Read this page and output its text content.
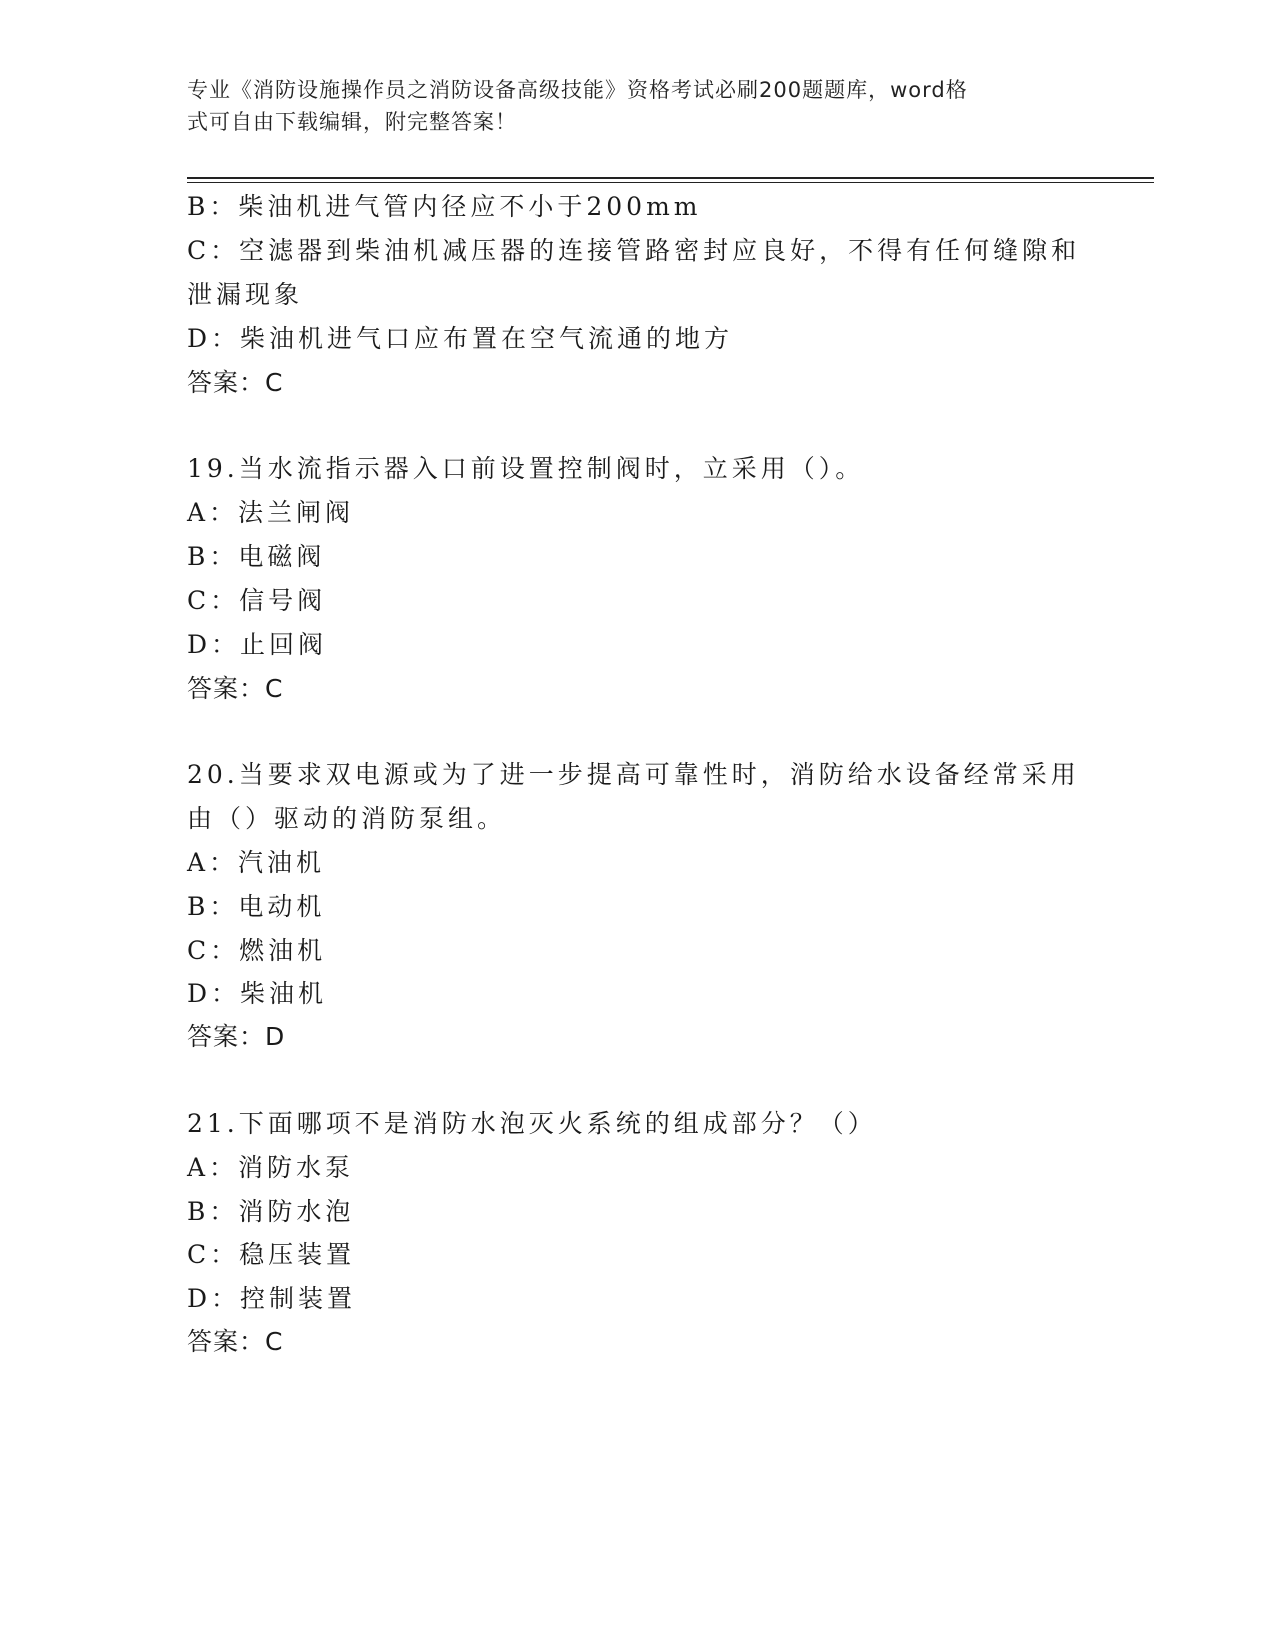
专业《消防设施操作员之消防设备高级技能》资格考试必刷200题题库，word格
式可自由下载编辑，附完整答案！
B：柴油机进气管内径应不小于200mm
C：空滤器到柴油机减压器的连接管路密封应良好，不得有任何缝隙和
泄漏现象
D：柴油机进气口应布置在空气流通的地方
答案：C
19.当水流指示器入口前设置控制阀时，立采用（）。
A：法兰闸阀
B：电磁阀
C：信号阀
D：止回阀
答案：C
20.当要求双电源或为了进一步提高可靠性时，消防给水设备经常采用
由（）驱动的消防泵组。
A：汽油机
B：电动机
C：燃油机
D：柴油机
答案：D
21.下面哪项不是消防水泡灭火系统的组成部分？（）
A：消防水泵
B：消防水泡
C：稳压装置
D：控制装置
答案：C
